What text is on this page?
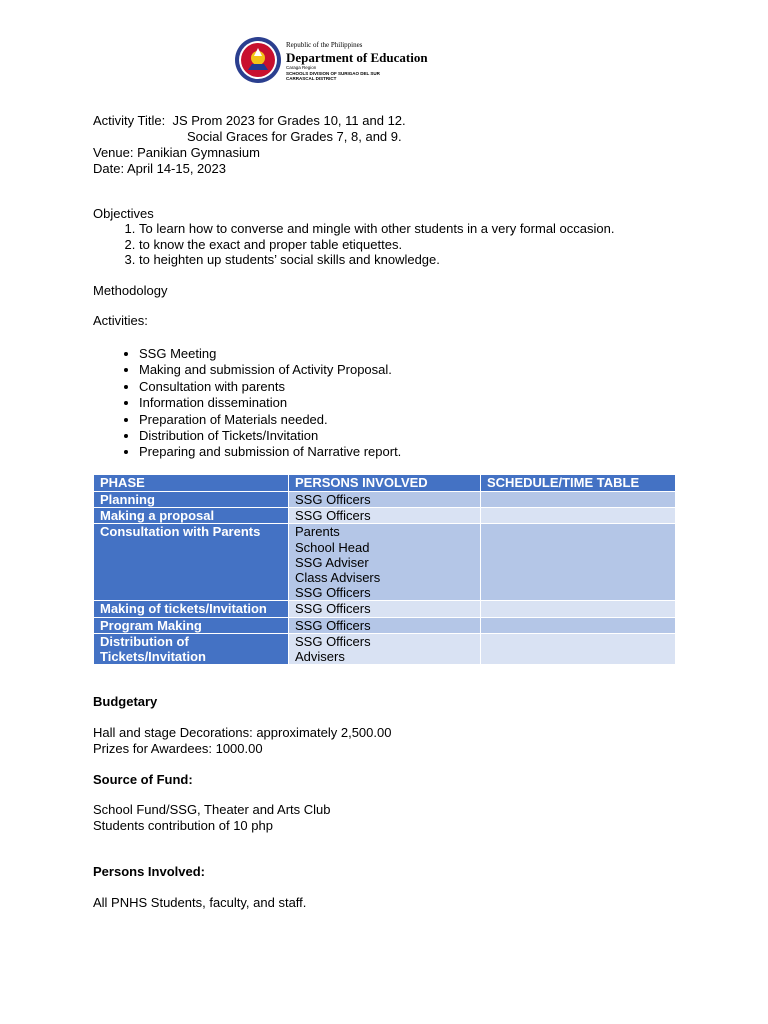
Republic of the Philippines
Department of Education
Caraga Region
SCHOOLS DIVISION OF SURIGAO DEL SUR
CARRASCAL DISTRICT
Activity Title:  JS Prom 2023 for Grades 10, 11 and 12.
Social Graces for Grades 7, 8, and 9.
Venue: Panikian Gymnasium
Date: April 14-15, 2023
Objectives
1. To learn how to converse and mingle with other students in a very formal occasion.
2. to know the exact and proper table etiquettes.
3. to heighten up students’ social skills and knowledge.
Methodology
Activities:
• SSG Meeting
• Making and submission of Activity Proposal.
• Consultation with parents
• Information dissemination
• Preparation of Materials needed.
• Distribution of Tickets/Invitation
• Preparing and submission of Narrative report.
PHASE	PERSONS INVOLVED	SCHEDULE/TIME TABLE
Planning	SSG Officers	

Making a proposal	SSG Officers	

Consultation with Parents	Parents
School Head
SSG Adviser
Class Advisers
SSG Officers	

Making of tickets/Invitation	SSG Officers	

Program Making	SSG Officers	

Distribution of Tickets/Invitation	SSG Officers
Advisers	

Budgetary
Hall and stage Decorations: approximately 2,500.00
Prizes for Awardees: 1000.00
Source of Fund:
School Fund/SSG, Theater and Arts Club
Students contribution of 10 php
Persons Involved:
All PNHS Students, faculty, and staff.
